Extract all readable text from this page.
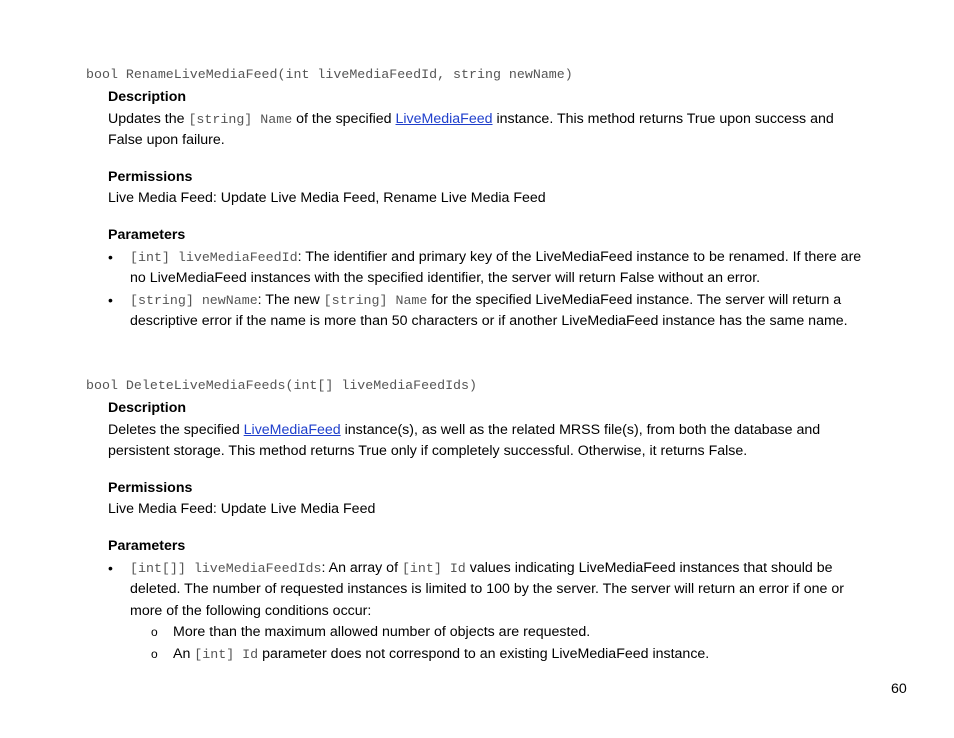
bool RenameLiveMediaFeed(int liveMediaFeedId, string newName)
Description
Updates the [string] Name of the specified LiveMediaFeed instance. This method returns True upon success and False upon failure.
Permissions
Live Media Feed: Update Live Media Feed, Rename Live Media Feed
Parameters
• [int] liveMediaFeedId: The identifier and primary key of the LiveMediaFeed instance to be renamed. If there are no LiveMediaFeed instances with the specified identifier, the server will return False without an error.
• [string] newName: The new [string] Name for the specified LiveMediaFeed instance. The server will return a descriptive error if the name is more than 50 characters or if another LiveMediaFeed instance has the same name.
bool DeleteLiveMediaFeeds(int[] liveMediaFeedIds)
Description
Deletes the specified LiveMediaFeed instance(s), as well as the related MRSS file(s), from both the database and persistent storage. This method returns True only if completely successful. Otherwise, it returns False.
Permissions
Live Media Feed: Update Live Media Feed
Parameters
• [int[]] liveMediaFeedIds: An array of [int] Id values indicating LiveMediaFeed instances that should be deleted. The number of requested instances is limited to 100 by the server. The server will return an error if one or more of the following conditions occur:
o More than the maximum allowed number of objects are requested.
o An [int] Id parameter does not correspond to an existing LiveMediaFeed instance.
60
